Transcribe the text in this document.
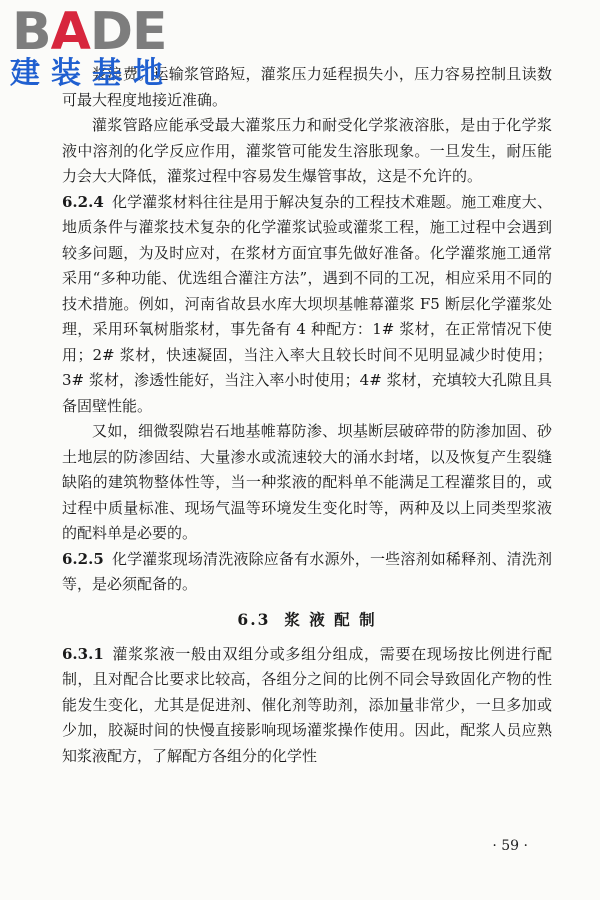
BADE
建装基地

浆浪费。运输浆管路短，灌浆压力延程损失小，压力容易控制且读数可最大程度地接近准确。

灌浆管路应能承受最大灌浆压力和耐受化学浆液溶胀，是由于化学浆液中溶剂的化学反应作用，灌浆管可能发生溶胀现象。一旦发生，耐压能力会大大降低，灌浆过程中容易发生爆管事故，这是不允许的。

6.2.4 化学灌浆材料往往是用于解决复杂的工程技术难题。施工难度大、地质条件与灌浆技术复杂的化学灌浆试验或灌浆工程，施工过程中会遇到较多问题，为及时应对，在浆材方面宜事先做好准备。化学灌浆施工通常采用“多种功能、优选组合灌注方法”，遇到不同的工况，相应采用不同的技术措施。例如，河南省故县水库大坝坝基帷幕灌浆 F5 断层化学灌浆处理，采用环氧树脂浆材，事先备有 4 种配方：1# 浆材，在正常情况下使用；2# 浆材，快速凝固，当注入率大且较长时间不见明显减少时使用；3# 浆材，渗透性能好，当注入率小时使用；4# 浆材，充填较大孔隙且具备固壁性能。

又如，细微裂隙岩石地基帷幕防渗、坝基断层破碎带的防渗加固、砂土地层的防渗固结、大量渗水或流速较大的涌水封堵，以及恢复产生裂缝缺陷的建筑物整体性等，当一种浆液的配料单不能满足工程灌浆目的，或过程中质量标准、现场气温等环境发生变化时等，两种及以上同类型浆液的配料单是必要的。

6.2.5 化学灌浆现场清洗液除应备有水源外，一些溶剂如稀释剂、清洗剂等，是必须配备的。

6.3 浆 液 配 制

6.3.1 灌浆浆液一般由双组分或多组分组成，需要在现场按比例进行配制，且对配合比要求比较高，各组分之间的比例不同会导致固化产物的性能发生变化，尤其是促进剂、催化剂等助剂，添加量非常少，一旦多加或少加，胶凝时间的快慢直接影响现场灌浆操作使用。因此，配浆人员应熟知浆液配方，了解配方各组分的化学性

· 59 ·
